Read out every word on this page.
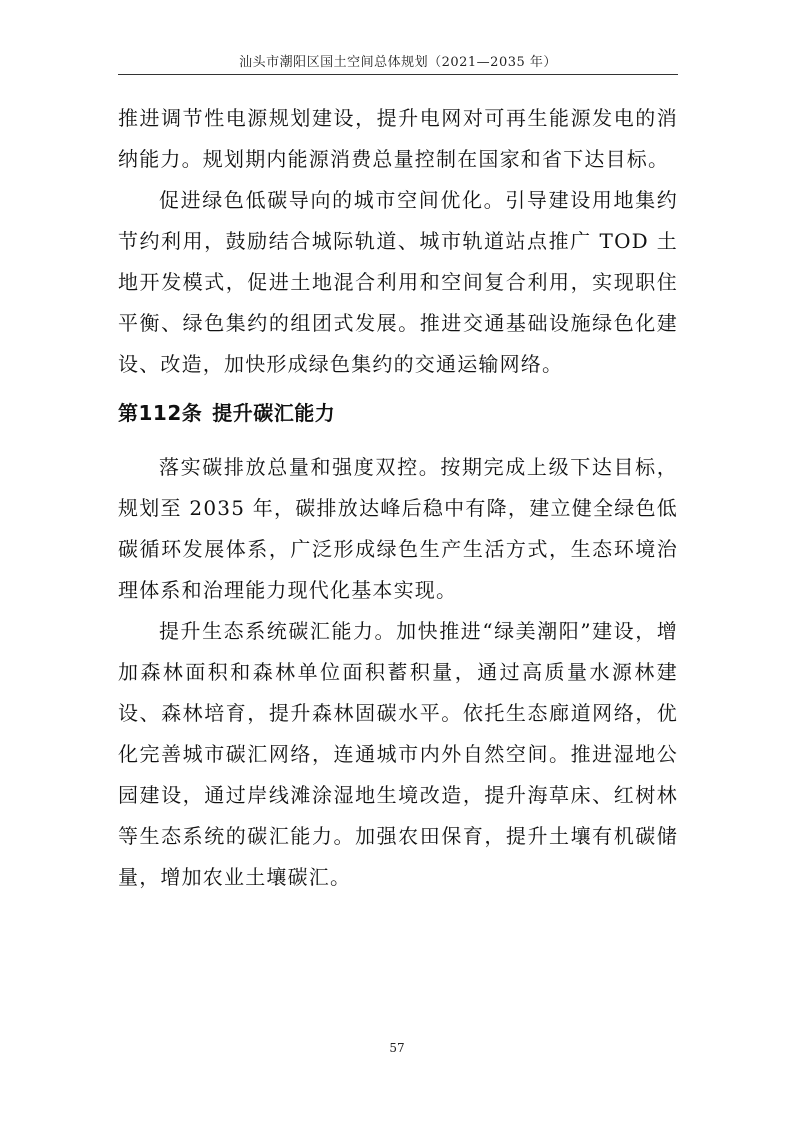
汕头市潮阳区国土空间总体规划（2021—2035 年）

推进调节性电源规划建设，提升电网对可再生能源发电的消纳能力。规划期内能源消费总量控制在国家和省下达目标。

促进绿色低碳导向的城市空间优化。引导建设用地集约节约利用，鼓励结合城际轨道、城市轨道站点推广 TOD 土地开发模式，促进土地混合利用和空间复合利用，实现职住平衡、绿色集约的组团式发展。推进交通基础设施绿色化建设、改造，加快形成绿色集约的交通运输网络。

第112条 提升碳汇能力

落实碳排放总量和强度双控。按期完成上级下达目标，规划至 2035 年，碳排放达峰后稳中有降，建立健全绿色低碳循环发展体系，广泛形成绿色生产生活方式，生态环境治理体系和治理能力现代化基本实现。

提升生态系统碳汇能力。加快推进“绿美潮阳”建设，增加森林面积和森林单位面积蓄积量，通过高质量水源林建设、森林培育，提升森林固碳水平。依托生态廊道网络，优化完善城市碳汇网络，连通城市内外自然空间。推进湿地公园建设，通过岸线滩涂湿地生境改造，提升海草床、红树林等生态系统的碳汇能力。加强农田保育，提升土壤有机碳储量，增加农业土壤碳汇。

57
